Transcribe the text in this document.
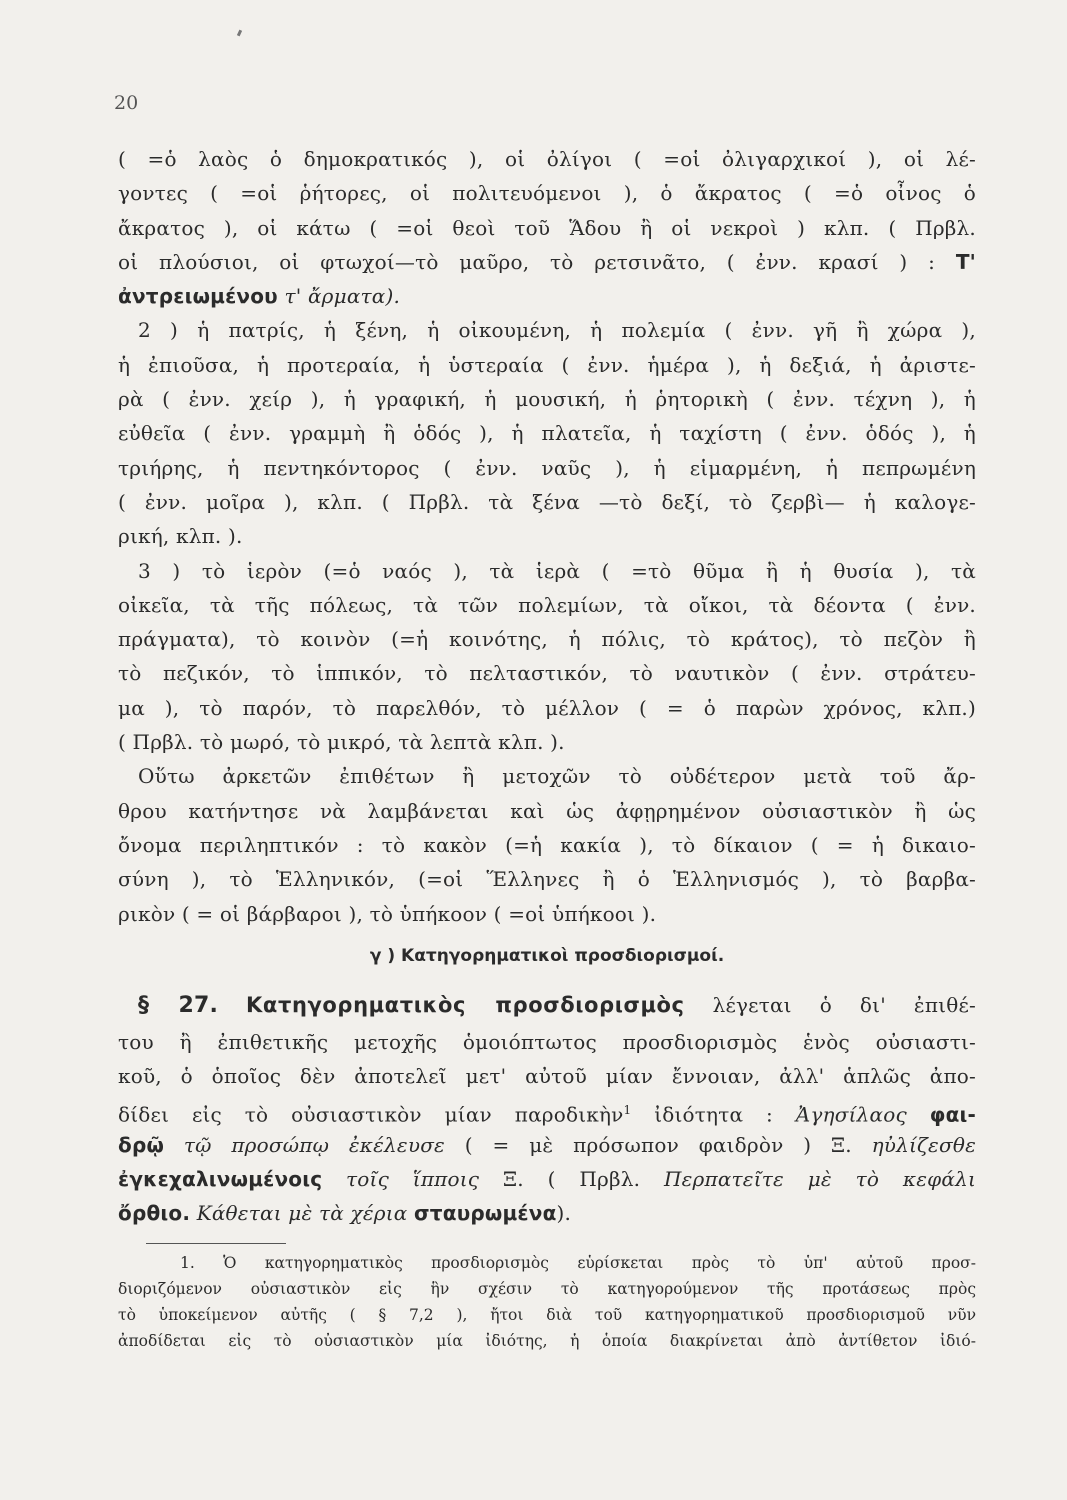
20
( =ὁ λαὸς ὁ δημοκρατικός ), οἱ ὀλίγοι ( =οἱ ὀλιγαρχικοί ), οἱ λέ-
γοντες ( =οἱ ῥήτορες, οἱ πολιτευόμενοι ), ὁ ἄκρατος ( =ὁ οἶνος ὁ
ἄκρατος ), οἱ κάτω ( =οἱ θεοὶ τοῦ Ἅδου ἢ οἱ νεκροὶ ) κλπ. ( Πρβλ.
οἱ πλούσιοι, οἱ φτωχοί—τὸ μαῦρο, τὸ ρετσινᾶτο, ( ἐνν. κρασί ) : Τ'
ἀντρειωμένου τ' ἄρματα).
2 ) ἡ πατρίς, ἡ ξένη, ἡ οἰκουμένη, ἡ πολεμία ( ἐνν. γῆ ἢ χώρα ),
ἡ ἐπιοῦσα, ἡ προτεραία, ἡ ὑστεραία ( ἐνν. ἡμέρα ), ἡ δεξιά, ἡ ἀριστε-
ρὰ ( ἐνν. χείρ ), ἡ γραφική, ἡ μουσική, ἡ ῥητορικὴ ( ἐνν. τέχνη ), ἡ
εὐθεῖα ( ἐνν. γραμμὴ ἢ ὁδός ), ἡ πλατεῖα, ἡ ταχίστη ( ἐνν. ὁδός ), ἡ
τριήρης, ἡ πεντηκόντορος ( ἐνν. ναῦς ), ἡ εἱμαρμένη, ἡ πεπρωμένη
( ἐνν. μοῖρα ), κλπ. ( Πρβλ. τὰ ξένα —τὸ δεξί, τὸ ζερβὶ— ἡ καλογε-
ρική, κλπ. ).
3 ) τὸ ἱερὸν (=ὁ ναός ), τὰ ἱερὰ ( =τὸ θῦμα ἢ ἡ θυσία ), τὰ
οἰκεῖα, τὰ τῆς πόλεως, τὰ τῶν πολεμίων, τὰ οἴκοι, τὰ δέοντα ( ἐνν.
πράγματα), τὸ κοινὸν (=ἡ κοινότης, ἡ πόλις, τὸ κράτος), τὸ πεζὸν ἢ
τὸ πεζικόν, τὸ ἱππικόν, τὸ πελταστικόν, τὸ ναυτικὸν ( ἐνν. στράτευ-
μα ), τὸ παρόν, τὸ παρελθόν, τὸ μέλλον ( = ὁ παρὼν χρόνος, κλπ.)
( Πρβλ. τὸ μωρό, τὸ μικρό, τὰ λεπτὰ κλπ. ).
Οὕτω ἀρκετῶν ἐπιθέτων ἢ μετοχῶν τὸ οὐδέτερον μετὰ τοῦ ἄρ-
θρου κατήντησε νὰ λαμβάνεται καὶ ὡς ἀφῃρημένον οὐσιαστικὸν ἢ ὡς
ὄνομα περιληπτικόν : τὸ κακὸν (=ἡ κακία ), τὸ δίκαιον ( = ἡ δικαιο-
σύνη ), τὸ Ἑλληνικόν, (=οἱ Ἕλληνες ἢ ὁ Ἑλληνισμός ), τὸ βαρβα-
ρικὸν ( = οἱ βάρβαροι ), τὸ ὑπήκοον ( =οἱ ὑπήκοοι ).
γ ) Κατηγορηματικοὶ προσδιορισμοί.
§ 27. Κατηγορηματικὸς προσδιορισμὸς λέγεται ὁ δι' ἐπιθέ-
του ἢ ἐπιθετικῆς μετοχῆς ὁμοιόπτωτος προσδιορισμὸς ἑνὸς οὐσιαστι-
κοῦ, ὁ ὁποῖος δὲν ἀποτελεῖ μετ' αὐτοῦ μίαν ἔννοιαν, ἀλλ' ἁπλῶς ἀπο-
δίδει εἰς τὸ οὐσιαστικὸν μίαν παροδικὴν$^1$ ἰδιότητα : Ἀγησίλαος φαι-
δρῷ τῷ προσώπῳ ἐκέλευσε ( = μὲ πρόσωπον φαιδρὸν ) Ξ. ηὐλίζεσθε
ἐγκεχαλινωμένοις τοῖς ἵπποις Ξ. ( Πρβλ. Περπατεῖτε μὲ τὸ κεφάλι
ὄρθιο. Κάθεται μὲ τὰ χέρια σταυρωμένα).
1. Ὁ κατηγορηματικὸς προσδιορισμὸς εὑρίσκεται πρὸς τὸ ὑπ' αὐτοῦ προσ-
διοριζόμενον οὐσιαστικὸν εἰς ἣν σχέσιν τὸ κατηγορούμενον τῆς προτάσεως πρὸς
τὸ ὑποκείμενον αὐτῆς ( § 7,2 ), ἤτοι διὰ τοῦ κατηγορηματικοῦ προσδιορισμοῦ νῦν
ἀποδίδεται εἰς τὸ οὐσιαστικὸν μία ἰδιότης, ἡ ὁποία διακρίνεται ἀπὸ ἀντίθετον ἰδιό-
